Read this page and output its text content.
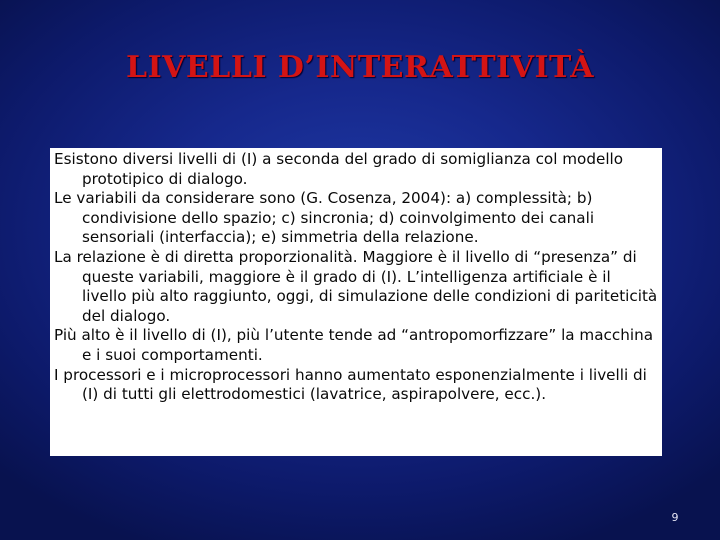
LIVELLI D’INTERATTIVITÀ

Esistono diversi livelli di (I) a seconda del grado di somiglianza col modello prototipico di dialogo.

Le variabili da considerare sono (G. Cosenza, 2004): a) complessità; b) condivisione dello spazio; c) sincronia; d) coinvolgimento dei canali sensoriali (interfaccia); e) simmetria della relazione.

La relazione è di diretta proporzionalità. Maggiore è il livello di “presenza” di queste variabili, maggiore è il grado di (I). L’intelligenza artificiale è il livello più alto raggiunto, oggi, di simulazione delle condizioni di pariteticità del dialogo.

Più alto è il livello di (I), più l’utente tende ad “antropomorfizzare” la macchina e i suoi comportamenti.

I processori e i microprocessori hanno aumentato esponenzialmente i livelli di (I) di tutti gli elettrodomestici (lavatrice, aspirapolvere, ecc.).

9
